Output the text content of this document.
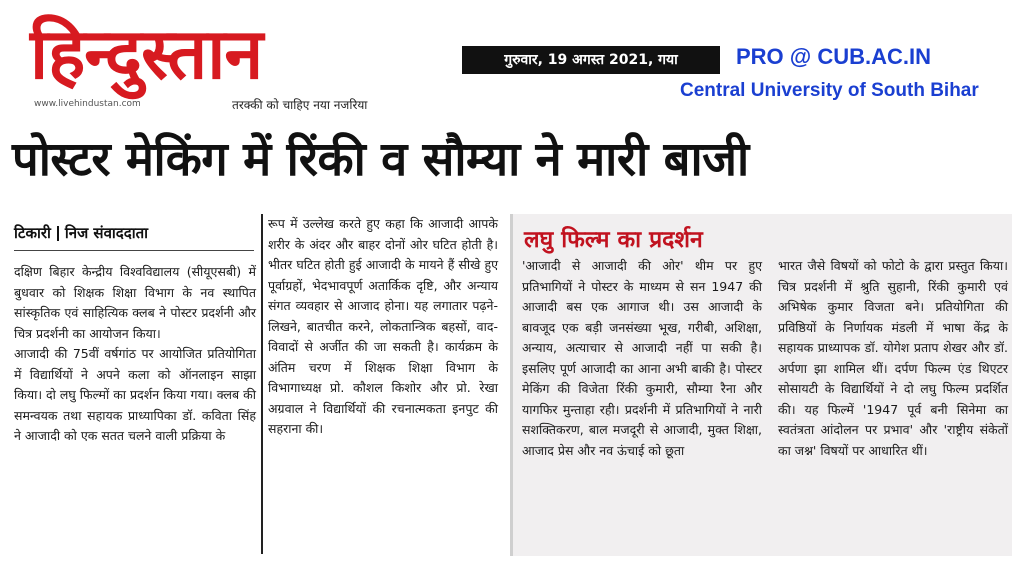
हिन्दुस्तान
www.livehindustan.com	तरक्की को चाहिए नया नजरिया
गुरुवार, 19 अगस्त 2021, गया	PRO @ CUB.AC.IN
Central University of South Bihar
पोस्टर मेकिंग में रिंकी व सौम्या ने मारी बाजी
टिकारी निज संवाददाता

दक्षिण बिहार केन्द्रीय विश्वविद्यालय (सीयूएसबी) में बुधवार को शिक्षक शिक्षा विभाग के नव स्थापित सांस्कृतिक एवं साहित्यिक क्लब ने पोस्टर प्रदर्शनी और चित्र प्रदर्शनी का आयोजन किया।

आजादी की 75वीं वर्षगांठ पर आयोजित प्रतियोगिता में विद्यार्थियों ने अपने कला को ऑनलाइन साझा किया। दो लघु फिल्मों का प्रदर्शन किया गया। क्लब की समन्वयक तथा सहायक प्राध्यापिका डॉ. कविता सिंह ने आजादी को एक सतत चलने वाली प्रक्रिया के

रूप में उल्लेख करते हुए कहा कि आजादी आपके शरीर के अंदर और बाहर दोनों ओर घटित होती है। भीतर घटित होती हुई आजादी के मायने हैं सीखे हुए पूर्वाग्रहों, भेदभावपूर्ण अतार्किक दृष्टि, और अन्याय संगत व्यवहार से आजाद होना। यह लगातार पढ़ने-लिखने, बातचीत करने, लोकतान्त्रिक बहसों, वाद-विवादों से अर्जीत की जा सकती है। कार्यक्रम के अंतिम चरण में शिक्षक शिक्षा विभाग के विभागाध्यक्ष प्रो. कौशल किशोर और प्रो. रेखा अग्रवाल ने विद्यार्थियों की रचनात्मकता इनपुट की सहराना की।

लघु फिल्म का प्रदर्शन

'आजादी से आजादी की ओर' थीम पर हुए प्रतिभागियों ने पोस्टर के माध्यम से सन 1947 की आजादी बस एक आगाज थी। उस आजादी के बावजूद एक बड़ी जनसंख्या भूख, गरीबी, अशिक्षा, अन्याय, अत्याचार से आजादी नहीं पा सकी है। इसलिए पूर्ण आजादी का आना अभी बाकी है। पोस्टर मेकिंग की विजेता रिंकी कुमारी, सौम्या रैना और यागफिर मुन्ताहा रही। प्रदर्शनी में प्रतिभागियों ने नारी सशक्तिकरण, बाल मजदूरी से आजादी, मुक्त शिक्षा, आजाद प्रेस और नव ऊंचाई को छूता

भारत जैसे विषयों को फोटो के द्वारा प्रस्तुत किया। चित्र प्रदर्शनी में श्रुति सुहानी, रिंकी कुमारी एवं अभिषेक कुमार विजता बने। प्रतियोगिता की प्रविष्ठियों के निर्णायक मंडली में भाषा केंद्र के सहायक प्राध्यापक डॉ. योगेश प्रताप शेखर और डॉ. अर्पणा झा शामिल थीं। दर्पण फिल्म एंड थिएटर सोसायटी के विद्यार्थियों ने दो लघु फिल्म प्रदर्शित की। यह फिल्में '1947 पूर्व बनी सिनेमा का स्वतंत्रता आंदोलन पर प्रभाव' और 'राष्ट्रीय संकेतों का जश्न' विषयों पर आधारित थीं।
